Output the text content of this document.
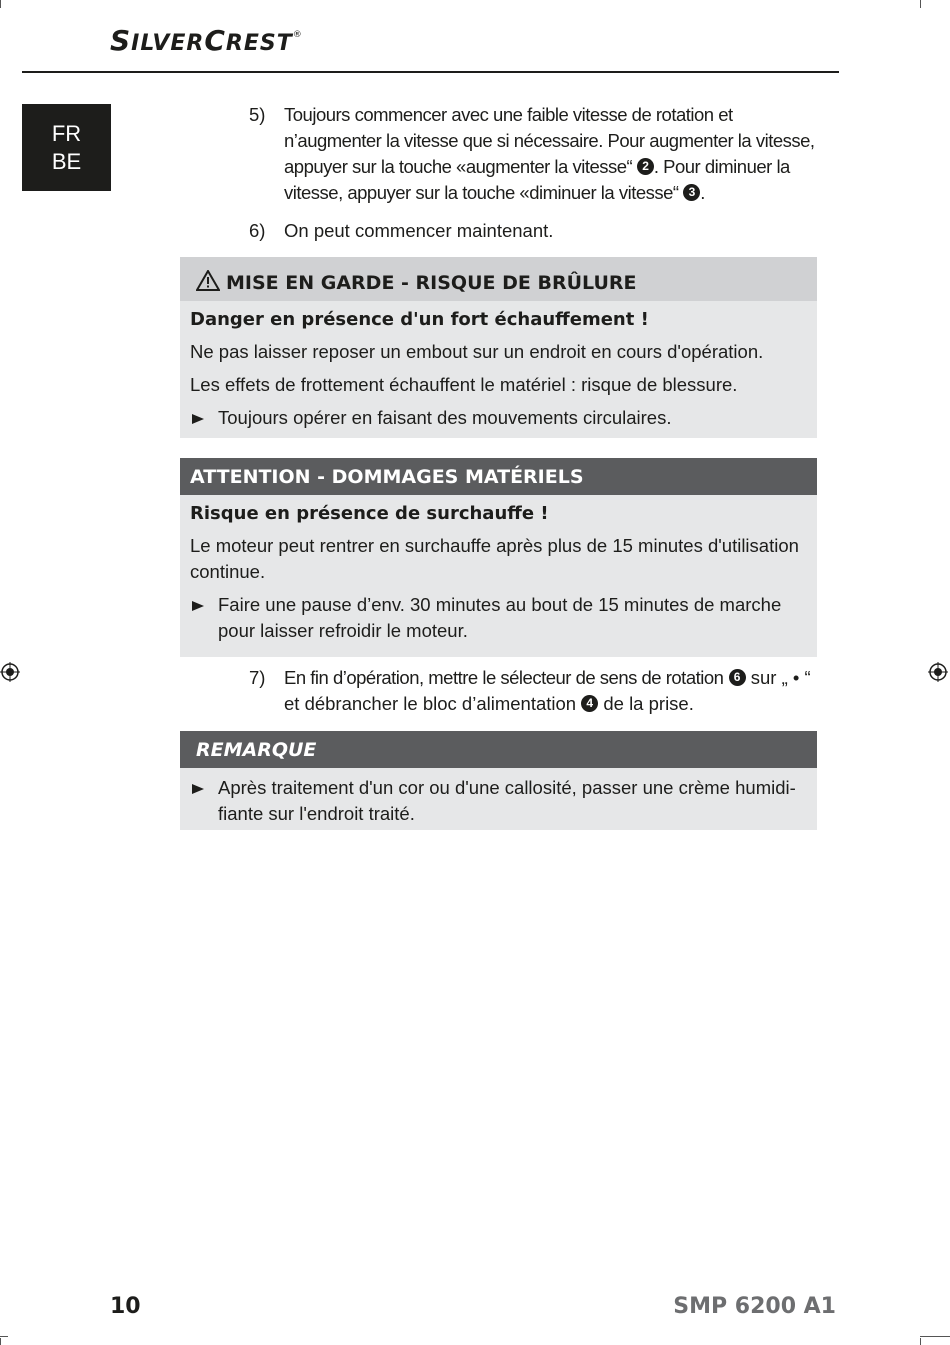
SILVERCREST®
FR
BE
5)	Toujours commencer avec une faible vitesse de rotation et n’augmenter la vitesse que si nécessaire. Pour augmenter la vitesse, appuyer sur la touche «augmenter la vitesse“ 2 . Pour diminuer la vitesse, appuyer sur la touche «diminuer la vitesse“ 3 .
6)	On peut commencer maintenant.
MISE EN GARDE - RISQUE DE BRÛLURE

Danger en présence d'un fort échauffement !

Ne pas laisser reposer un embout sur un endroit en cours d'opération.

Les effets de frottement échauffent le matériel : risque de blessure.

Toujours opérer en faisant des mouvements circulaires.

ATTENTION - DOMMAGES MATÉRIELS

Risque en présence de surchauffe !

Le moteur peut rentrer en surchauffe après plus de 15 minutes d'utilisation continue.

Faire une pause d’env. 30 minutes au bout de 15 minutes de marche pour laisser refroidir le moteur.

7)	En fin d’opération, mettre le sélecteur de sens de rotation 6 sur „ • “ et débrancher le bloc d’alimentation 4 de la prise.
REMARQUE

Après traitement d'un cor ou d'une callosité, passer une crème humidi-fiante sur l'endroit traité.

10	SMP 6200 A1
